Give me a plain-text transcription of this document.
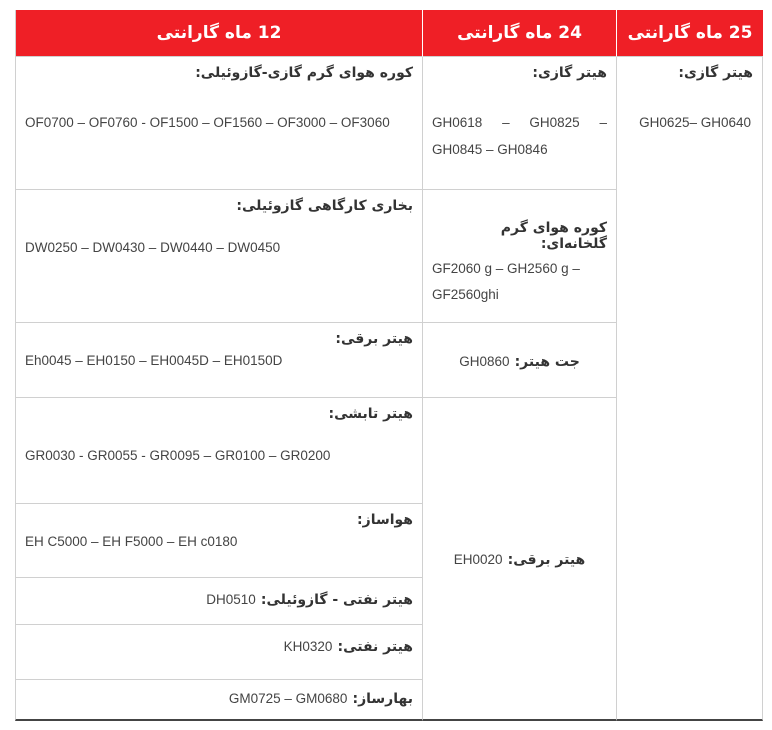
12 ماه گارانتی	24 ماه گارانتی	25 ماه گارانتی
کوره هوای گرم گازی-گازوئیلی:
OF0700 – OF0760 - OF1500 – OF1560 – OF3000 – OF3060
بخاری کارگاهی گازوئیلی:
DW0250 – DW0430 – DW0440 – DW0450
هیتر برقی:
Eh0045 – EH0150 – EH0045D – EH0150D
هیتر تابشی:
GR0030 - GR0055 - GR0095 – GR0100 – GR0200
هواساز:
EH C5000 – EH F5000 – EH c0180
هیتر نفتی - گازوئیلی: DH0510
هیتر نفتی: KH0320
بهارساز: GM0725 – GM0680
هیتر گازی:
GH0618 – GH0825 – GH0845 – GH0846
کوره هوای گرم گلخانه‌ای:
GF2060 g – GH2560 g – GF2560ghi
جت هیتر: GH0860
هیتر برقی: EH0020
هیتر گازی:
GH0625– GH0640
